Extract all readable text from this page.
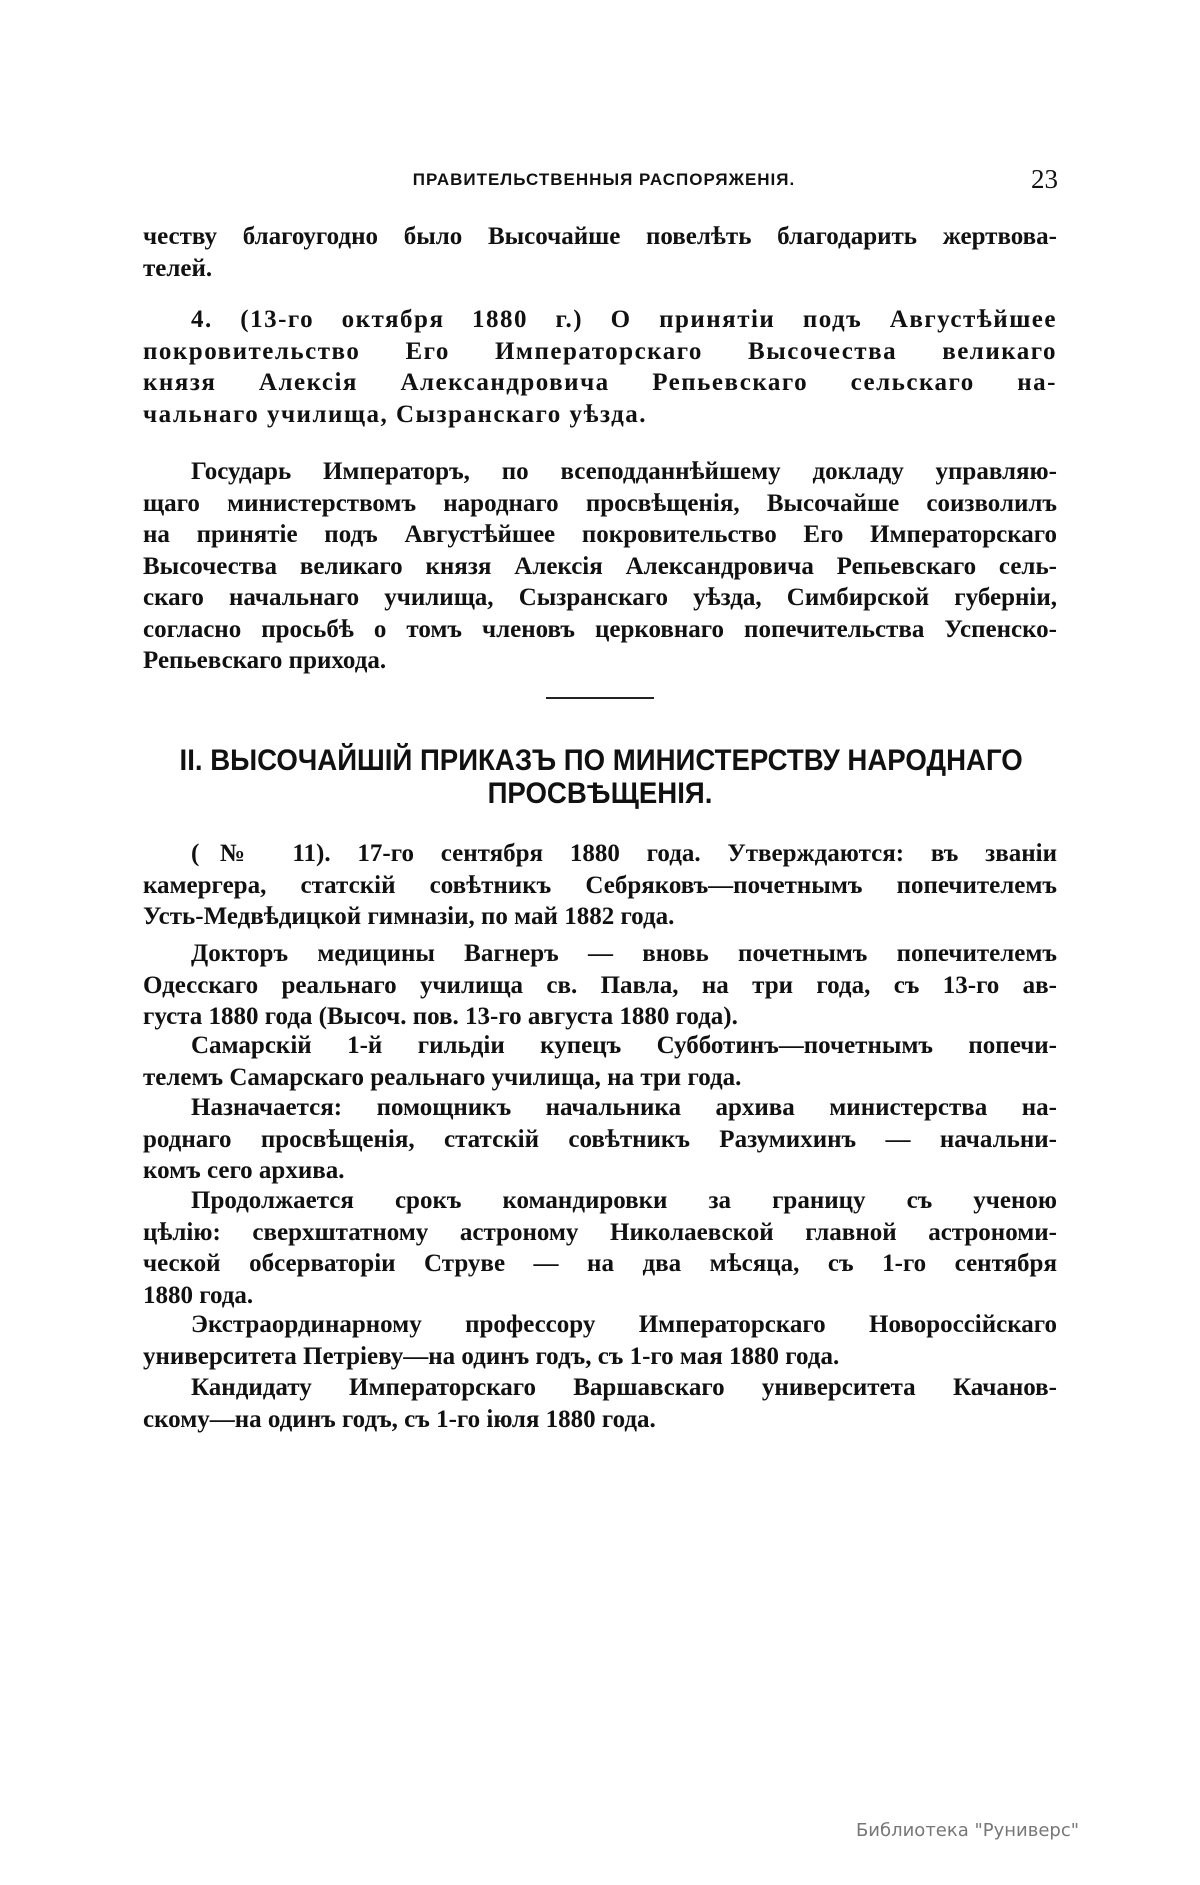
ПРАВИТЕЛЬСТВЕННЫЯ РАСПОРЯЖЕНІЯ.	23
честву благоугодно было Высочайше повелѣть благодарить жертвова-
телей.
4. (13-го октября 1880 г.) О принятіи подъ Августѣйшее
покровительство Его Императорскаго Высочества великаго
князя Алексія Александровича Репьевскаго сельскаго на-
чальнаго училища, Сызранскаго уѣзда.
Государь Императоръ, по всеподданнѣйшему докладу управляю-
щаго министерствомъ народнаго просвѣщенія, Высочайше соизволилъ
на принятіе подъ Августѣйшее покровительство Его Императорскаго
Высочества великаго князя Алексія Александровича Репьевскаго сель-
скаго начальнаго училища, Сызранскаго уѣзда, Симбирской губерніи,
согласно просьбѣ о томъ членовъ церковнаго попечительства Успенско-
Репьевскаго прихода.
II. ВЫСОЧАЙШІЙ ПРИКАЗЪ ПО МИНИСТЕРСТВУ НАРОДНАГО
ПРОСВѢЩЕНІЯ.
(№ 11). 17-го сентября 1880 года. Утверждаются: въ званіи
камергера, статскій совѣтникъ Себряковъ—почетнымъ попечителемъ
Усть-Медвѣдицкой гимназіи, по май 1882 года.
Докторъ медицины Вагнеръ — вновь почетнымъ попечителемъ
Одесскаго реальнаго училища св. Павла, на три года, съ 13-го ав-
густа 1880 года (Высоч. пов. 13-го августа 1880 года).
Самарскій 1-й гильдіи купецъ Субботинъ—почетнымъ попечи-
телемъ Самарскаго реальнаго училища, на три года.
Назначается: помощникъ начальника архива министерства на-
роднаго просвѣщенія, статскій совѣтникъ Разумихинъ — начальни-
комъ сего архива.
Продолжается срокъ командировки за границу съ ученою
цѣлію: сверхштатному астроному Николаевской главной астрономи-
ческой обсерваторіи Струве — на два мѣсяца, съ 1-го сентября
1880 года.
Экстраординарному профессору Императорскаго Новороссійскаго
университета Петріеву—на одинъ годъ, съ 1-го мая 1880 года.
Кандидату Императорскаго Варшавскаго университета Качанов-
скому—на одинъ годъ, съ 1-го іюля 1880 года.
Библиотека "Руниверс"
